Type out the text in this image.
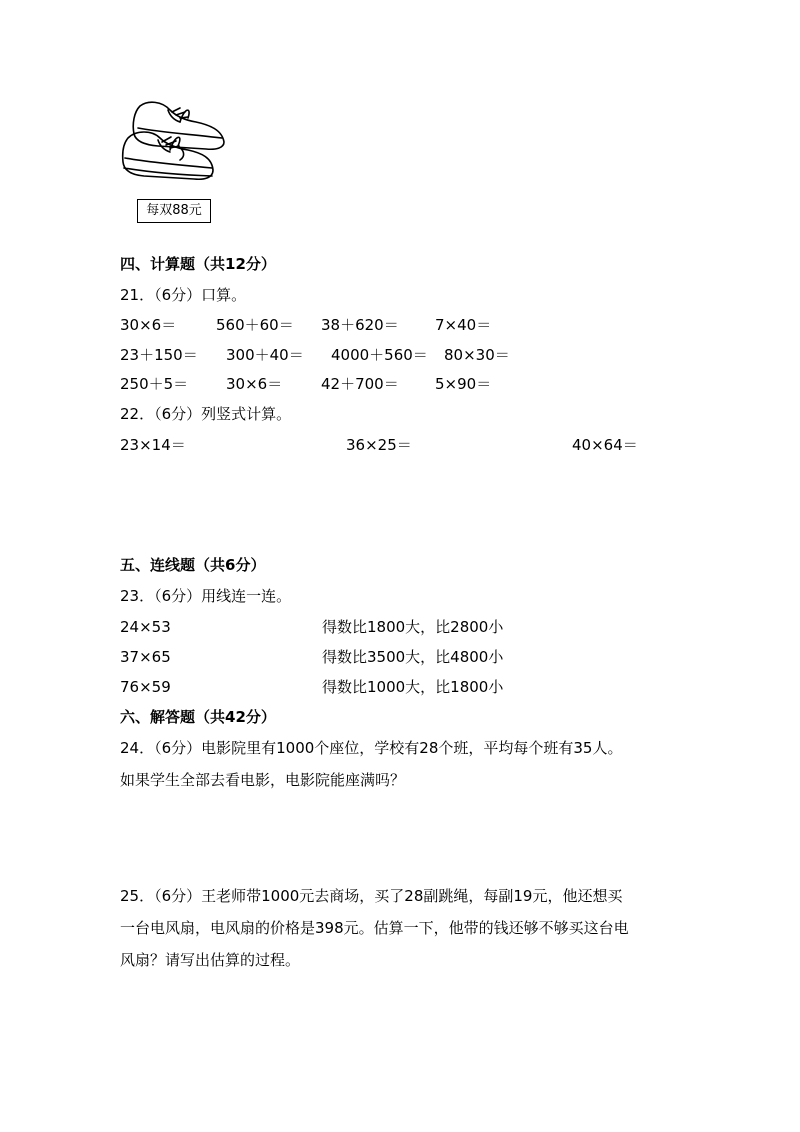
每双88元
四、计算题（共12分）
21．（6分）口算。
30×6＝	560＋60＝ 38＋620＝ 7×40＝
23＋150＝ 300＋40＝ 4000＋560＝ 80×30＝
250＋5＝	30×6＝	42＋700＝ 5×90＝
22．（6分）列竖式计算。
23×14＝	36×25＝	40×64＝
五、连线题（共6分）
23．（6分）用线连一连。
24×53	得数比1800大，比2800小
37×65	得数比3500大，比4800小
76×59	得数比1000大，比1800小
六、解答题（共42分）
24．（6分）电影院里有1000个座位，学校有28个班，平均每个班有35人。
如果学生全部去看电影，电影院能座满吗？
25．（6分）王老师带1000元去商场，买了28副跳绳，每副19元，他还想买
一台电风扇，电风扇的价格是398元。估算一下，他带的钱还够不够买这台电
风扇？请写出估算的过程。
